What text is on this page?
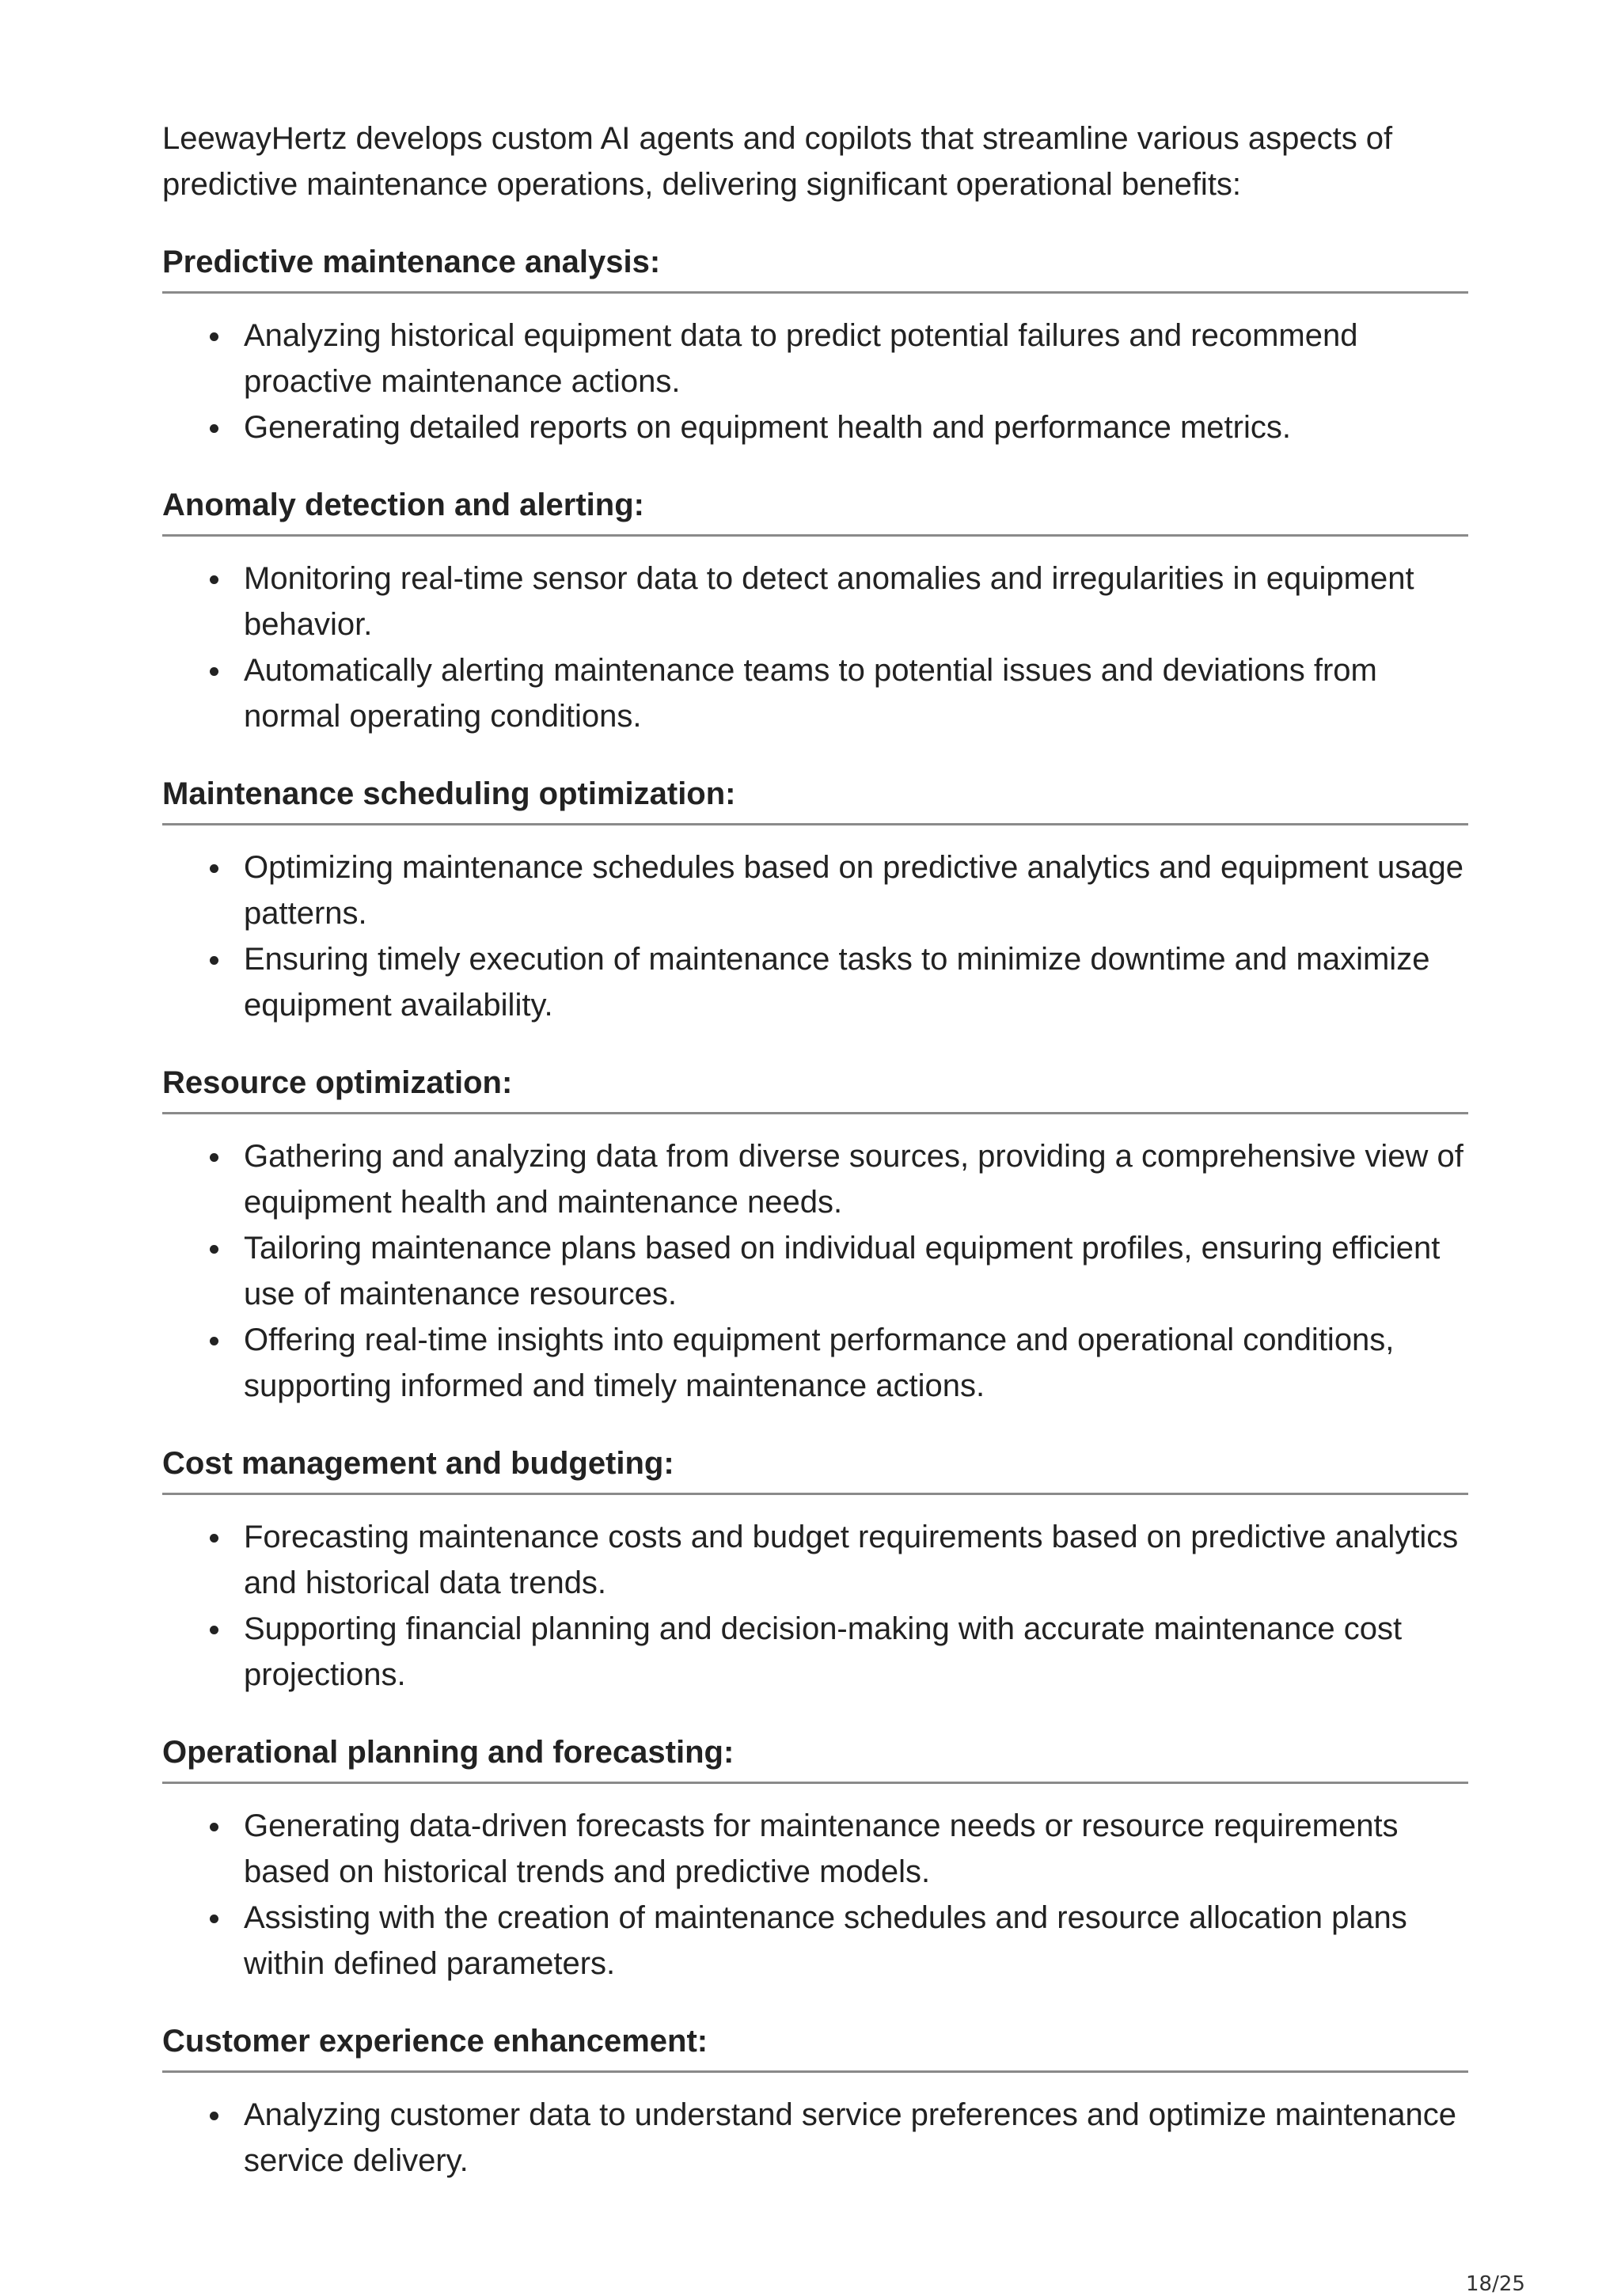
LeewayHertz develops custom AI agents and copilots that streamline various aspects of predictive maintenance operations, delivering significant operational benefits:

Predictive maintenance analysis:
Analyzing historical equipment data to predict potential failures and recommend proactive maintenance actions.
Generating detailed reports on equipment health and performance metrics.
Anomaly detection and alerting:
Monitoring real-time sensor data to detect anomalies and irregularities in equipment behavior.
Automatically alerting maintenance teams to potential issues and deviations from normal operating conditions.
Maintenance scheduling optimization:
Optimizing maintenance schedules based on predictive analytics and equipment usage patterns.
Ensuring timely execution of maintenance tasks to minimize downtime and maximize equipment availability.
Resource optimization:
Gathering and analyzing data from diverse sources, providing a comprehensive view of equipment health and maintenance needs.
Tailoring maintenance plans based on individual equipment profiles, ensuring efficient use of maintenance resources.
Offering real-time insights into equipment performance and operational conditions, supporting informed and timely maintenance actions.
Cost management and budgeting:
Forecasting maintenance costs and budget requirements based on predictive analytics and historical data trends.
Supporting financial planning and decision-making with accurate maintenance cost projections.
Operational planning and forecasting:
Generating data-driven forecasts for maintenance needs or resource requirements based on historical trends and predictive models.
Assisting with the creation of maintenance schedules and resource allocation plans within defined parameters.
Customer experience enhancement:
Analyzing customer data to understand service preferences and optimize maintenance service delivery.
18/25
